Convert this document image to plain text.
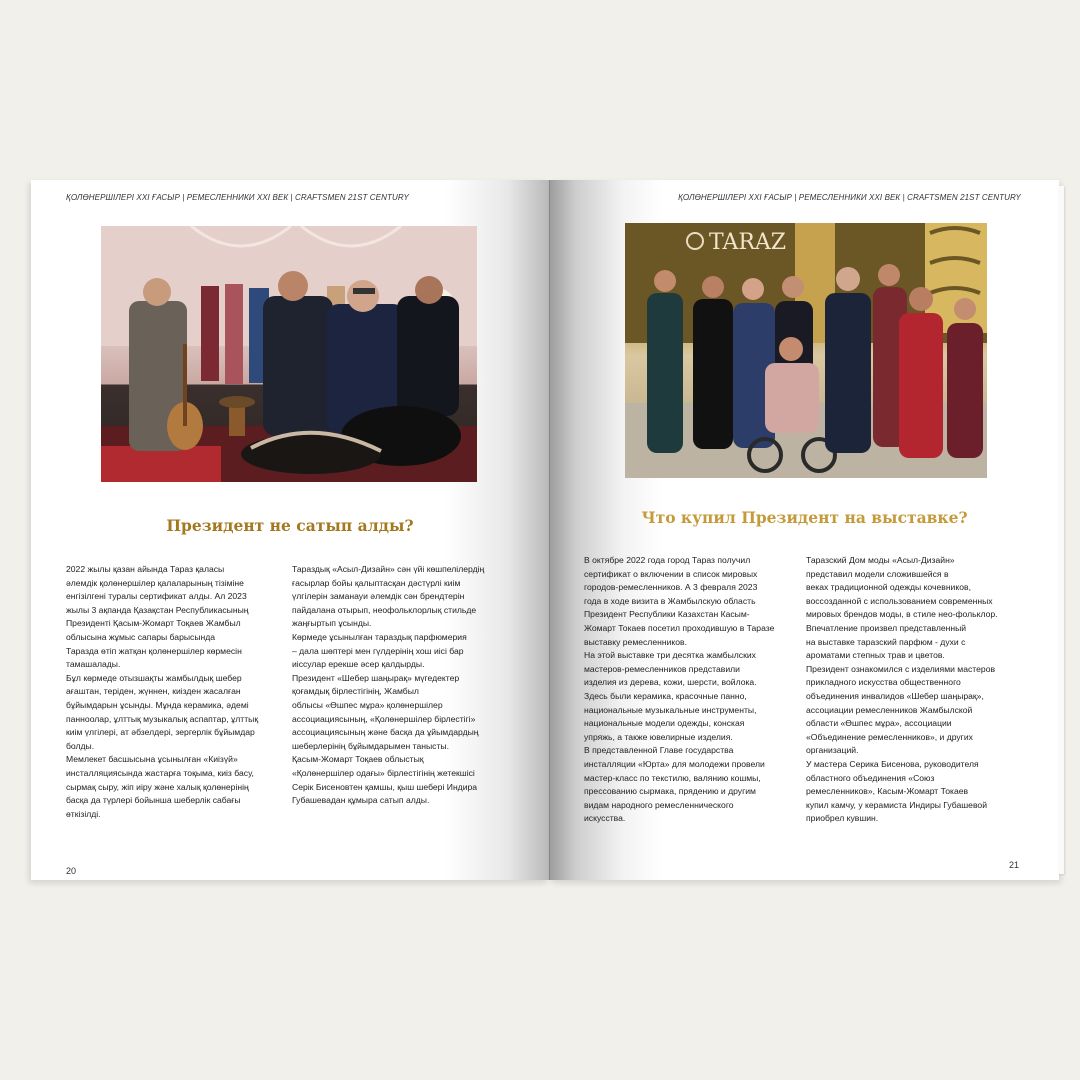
ҚОЛӨНЕРШІЛЕРІ XXI ҒАСЫР | РЕМЕСЛЕННИКИ XXI ВЕК | CRAFTSMEN 21ST CENTURY
Президент не сатып алды?

2022 жылы қазан айында Тараз қаласы

әлемдік қолөнершілер қалаларының тізіміне

енгізілгені туралы сертификат алды. Ал 2023

жылы 3 ақпанда Қазақстан Республикасының

Президенті Қасым-Жомарт Тоқаев Жамбыл

облысына жұмыс сапары барысында

Таразда өтіп жатқан қолөнершілер көрмесін

тамашалады.

Бұл көрмеде отызшақты жамбылдық шебер

ағаштан, теріден, жүннен, киізден жасалған

бұйымдарын ұсынды. Мұнда керамика, әдемі

панноолар, ұлттық музыкалық аспаптар, ұлттық

киім үлгілері, ат әбзелдері, зергерлік бұйымдар

болды.

Мемлекет басшысына ұсынылған «Киізүй»

инсталляциясында жастарға тоқыма, киіз басу,

сырмақ сыру, жіп иіру және халық қолөнерінің

басқа да түрлері бойынша шеберлік сабағы

өткізілді.

Тараздық «Асыл-Дизайн» сән үйі көшпелілердің

ғасырлар бойы қалыптасқан дәстүрлі киім

үлгілерін заманауи әлемдік сән брендтерін

пайдалана отырып, неофольклорлық стильде

жаңғыртып ұсынды.

Көрмеде ұсынылған тараздық парфюмерия

– дала шөптері мен гүлдерінің хош иісі бар

иіссулар ерекше әсер қалдырды.

Президент «Шебер шаңырақ» мүгедектер

қоғамдық бірлестігінің, Жамбыл

облысы «Өшпес мұра» қолөнершілер

ассоциациясының, «Қолөнершілер бірлестігі»

ассоциациясының және басқа да ұйымдардың

шеберлерінің бұйымдарымен танысты.

Қасым-Жомарт Тоқаев облыстық

«Қолөнершілер одағы» бірлестігінің жетекшісі

Серік Бисеновтен қамшы, қыш шебері Индира

Губашевадан құмыра сатып алды.

20
ҚОЛӨНЕРШІЛЕРІ XXI ҒАСЫР | РЕМЕСЛЕННИКИ XXI ВЕК | CRAFTSMEN 21ST CENTURY
TARAZ
Что купил Президент на выставке?

В октябре 2022 года город Тараз получил

сертификат о включении в список мировых

городов-ремесленников. А 3 февраля 2023

года в ходе визита в Жамбылскую область

Президент Республики Казахстан Касым-

Жомарт Токаев посетил проходившую в Таразе

выставку ремесленников.

На этой выставке три десятка жамбылских

мастеров-ремесленников представили

изделия из дерева, кожи, шерсти, войлока.

Здесь были керамика, красочные панно,

национальные музыкальные инструменты,

национальные модели одежды, конская

упряжь, а также ювелирные изделия.

В представленной Главе государства

инсталляции «Юрта» для молодежи провели

мастер-класс по текстилю, валянию кошмы,

прессованию сырмака, прядению и другим

видам народного ремесленнического

искусства.

Таразский Дом моды «Асыл-Дизайн»

представил модели сложившейся в

веках традиционной одежды кочевников,

воссозданной с использованием современных

мировых брендов моды, в стиле нео-фольклор.

Впечатление произвел представленный

на выставке таразский парфюм - духи с

ароматами степных трав и цветов.

Президент ознакомился с изделиями мастеров

прикладного искусства общественного

объединения инвалидов «Шебер шаңырақ»,

ассоциации ремесленников Жамбылской

области «Өшпес мұра», ассоциации

«Объединение ремесленников», и других

организаций.

У мастера Серика Бисенова, руководителя

областного объединения «Союз

ремесленников», Касым-Жомарт Токаев

купил камчу, у керамиста Индиры Губашевой

приобрел кувшин.

21
